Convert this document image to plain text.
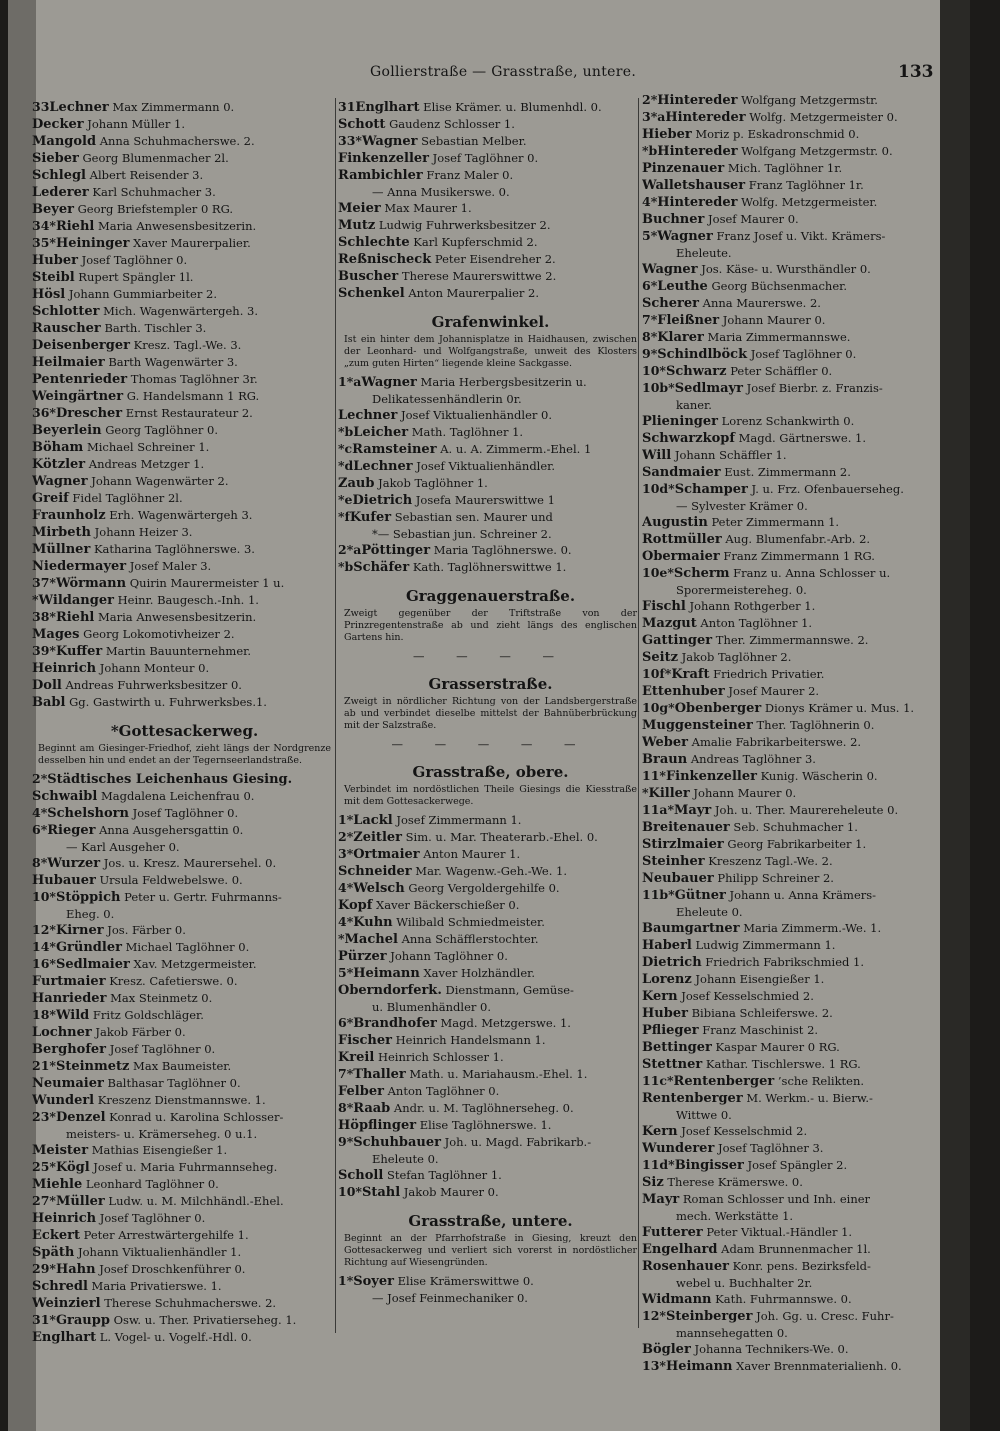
Gollierstraße — Grasstraße, untere.	133
33Lechner Max Zimmermann 0.
Decker Johann Müller 1.
Mangold Anna Schuhmacherswe. 2.
Sieber Georg Blumenmacher 2l.
Schlegl Albert Reisender 3.
Lederer Karl Schuhmacher 3.
Beyer Georg Briefstempler 0 RG.
34*Riehl Maria Anwesensbesitzerin.
35*Heininger Xaver Maurerpalier.
Huber Josef Taglöhner 0.
Steibl Rupert Spängler 1l.
Hösl Johann Gummiarbeiter 2.
Schlotter Mich. Wagenwärtergeh. 3.
Rauscher Barth. Tischler 3.
Deisenberger Kresz. Tagl.-We. 3.
Heilmaier Barth Wagenwärter 3.
Pentenrieder Thomas Taglöhner 3r.
Weingärtner G. Handelsmann 1 RG.
36*Drescher Ernst Restaurateur 2.
Beyerlein Georg Taglöhner 0.
Böham Michael Schreiner 1.
Kötzler Andreas Metzger 1.
Wagner Johann Wagenwärter 2.
Greif Fidel Taglöhner 2l.
Fraunholz Erh. Wagenwärtergeh 3.
Mirbeth Johann Heizer 3.
Müllner Katharina Taglöhnerswe. 3.
Niedermayer Josef Maler 3.
37*Wörmann Quirin Maurermeister 1 u.
*Wildanger Heinr. Baugesch.-Inh. 1.
38*Riehl Maria Anwesensbesitzerin.
Mages Georg Lokomotivheizer 2.
39*Kuffer Martin Bauunternehmer.
Heinrich Johann Monteur 0.
Doll Andreas Fuhrwerksbesitzer 0.
Babl Gg. Gastwirth u. Fuhrwerksbes.1.
*Gottesackerweg.
Beginnt am Giesinger-Friedhof, zieht längs der Nordgrenze desselben hin und endet an der Tegernseerlandstraße.
2*Städtisches Leichenhaus Giesing.
Schwaibl Magdalena Leichenfrau 0.
4*Schelshorn Josef Taglöhner 0.
6*Rieger Anna Ausgehersgattin 0.
— Karl Ausgeher 0.
8*Wurzer Jos. u. Kresz. Maurersehel. 0.
Hubauer Ursula Feldwebelswe. 0.
10*Stöppich Peter u. Gertr. Fuhrmanns-
Eheg. 0.
12*Kirner Jos. Färber 0.
14*Gründler Michael Taglöhner 0.
16*Sedlmaier Xav. Metzgermeister.
Furtmaier Kresz. Cafetierswe. 0.
Hanrieder Max Steinmetz 0.
18*Wild Fritz Goldschläger.
Lochner Jakob Färber 0.
Berghofer Josef Taglöhner 0.
21*Steinmetz Max Baumeister.
Neumaier Balthasar Taglöhner 0.
Wunderl Kreszenz Dienstmannswe. 1.
23*Denzel Konrad u. Karolina Schlosser-
meisters- u. Krämerseheg. 0 u.1.
Meister Mathias Eisengießer 1.
25*Kögl Josef u. Maria Fuhrmannseheg.
Miehle Leonhard Taglöhner 0.
27*Müller Ludw. u. M. Milchhändl.-Ehel.
Heinrich Josef Taglöhner 0.
Eckert Peter Arrestwärtergehilfe 1.
Späth Johann Viktualienhändler 1.
29*Hahn Josef Droschkenführer 0.
Schredl Maria Privatierswe. 1.
Weinzierl Therese Schuhmacherswe. 2.
31*Graupp Osw. u. Ther. Privatierseheg. 1.
Englhart L. Vogel- u. Vogelf.-Hdl. 0.
31Englhart Elise Krämer. u. Blumenhdl. 0.
Schott Gaudenz Schlosser 1.
33*Wagner Sebastian Melber.
Finkenzeller Josef Taglöhner 0.
Rambichler Franz Maler 0.
— Anna Musikerswe. 0.
Meier Max Maurer 1.
Mutz Ludwig Fuhrwerksbesitzer 2.
Schlechte Karl Kupferschmid 2.
Reßnischeck Peter Eisendreher 2.
Buscher Therese Maurerswittwe 2.
Schenkel Anton Maurerpalier 2.
Grafenwinkel.
Ist ein hinter dem Johannisplatze in Haidhausen, zwischen der Leonhard- und Wolfgangstraße, unweit des Klosters „zum guten Hirten“ liegende kleine Sackgasse.
1*aWagner Maria Herbergsbesitzerin u.
Delikatessenhändlerin 0r.
Lechner Josef Viktualienhändler 0.
*bLeicher Math. Taglöhner 1.
*cRamsteiner A. u. A. Zimmerm.-Ehel. 1
*dLechner Josef Viktualienhändler.
Zaub Jakob Taglöhner 1.
*eDietrich Josefa Maurerswittwe 1
*fKufer Sebastian sen. Maurer und
*— Sebastian jun. Schreiner 2.
2*aPöttinger Maria Taglöhnerswe. 0.
*bSchäfer Kath. Taglöhnerswittwe 1.
Graggenauerstraße.
Zweigt gegenüber der Triftstraße von der Prinzregentenstraße ab und zieht längs des englischen Gartens hin.
— — — —
Grasserstraße.
Zweigt in nördlicher Richtung von der Landsbergerstraße ab und verbindet dieselbe mittelst der Bahnüberbrückung mit der Salzstraße.
— — — — —
Grasstraße, obere.
Verbindet im nordöstlichen Theile Giesings die Kiesstraße mit dem Gottesackerwege.
1*Lackl Josef Zimmermann 1.
2*Zeitler Sim. u. Mar. Theaterarb.-Ehel. 0.
3*Ortmaier Anton Maurer 1.
Schneider Mar. Wagenw.-Geh.-We. 1.
4*Welsch Georg Vergoldergehilfe 0.
Kopf Xaver Bäckerschießer 0.
4*Kuhn Wilibald Schmiedmeister.
*Machel Anna Schäfflerstochter.
Pürzer Johann Taglöhner 0.
5*Heimann Xaver Holzhändler.
Oberndorferk. Dienstmann, Gemüse-
u. Blumenhändler 0.
6*Brandhofer Magd. Metzgerswe. 1.
Fischer Heinrich Handelsmann 1.
Kreil Heinrich Schlosser 1.
7*Thaller Math. u. Mariahausm.-Ehel. 1.
Felber Anton Taglöhner 0.
8*Raab Andr. u. M. Taglöhnerseheg. 0.
Höpflinger Elise Taglöhnerswe. 1.
9*Schuhbauer Joh. u. Magd. Fabrikarb.-
Eheleute 0.
Scholl Stefan Taglöhner 1.
10*Stahl Jakob Maurer 0.
Grasstraße, untere.
Beginnt an der Pfarrhofstraße in Giesing, kreuzt den Gottesackerweg und verliert sich vorerst in nordöstlicher Richtung auf Wiesengründen.
1*Soyer Elise Krämerswittwe 0.
— Josef Feinmechaniker 0.
2*Hintereder Wolfgang Metzgermstr.
3*aHintereder Wolfg. Metzgermeister 0.
Hieber Moriz p. Eskadronschmid 0.
*bHintereder Wolfgang Metzgermstr. 0.
Pinzenauer Mich. Taglöhner 1r.
Walletshauser Franz Taglöhner 1r.
4*Hintereder Wolfg. Metzgermeister.
Buchner Josef Maurer 0.
5*Wagner Franz Josef u. Vikt. Krämers-
Eheleute.
Wagner Jos. Käse- u. Wursthändler 0.
6*Leuthe Georg Büchsenmacher.
Scherer Anna Maurerswe. 2.
7*Fleißner Johann Maurer 0.
8*Klarer Maria Zimmermannswe.
9*Schindlböck Josef Taglöhner 0.
10*Schwarz Peter Schäffler 0.
10b*Sedlmayr Josef Bierbr. z. Franzis-
kaner.
Plieninger Lorenz Schankwirth 0.
Schwarzkopf Magd. Gärtnerswe. 1.
Will Johann Schäffler 1.
Sandmaier Eust. Zimmermann 2.
10d*Schamper J. u. Frz. Ofenbauerseheg.
— Sylvester Krämer 0.
Augustin Peter Zimmermann 1.
Rottmüller Aug. Blumenfabr.-Arb. 2.
Obermaier Franz Zimmermann 1 RG.
10e*Scherm Franz u. Anna Schlosser u.
Sporermeistereheg. 0.
Fischl Johann Rothgerber 1.
Mazgut Anton Taglöhner 1.
Gattinger Ther. Zimmermannswe. 2.
Seitz Jakob Taglöhner 2.
10f*Kraft Friedrich Privatier.
Ettenhuber Josef Maurer 2.
10g*Obenberger Dionys Krämer u. Mus. 1.
Muggensteiner Ther. Taglöhnerin 0.
Weber Amalie Fabrikarbeiterswe. 2.
Braun Andreas Taglöhner 3.
11*Finkenzeller Kunig. Wäscherin 0.
*Killer Johann Maurer 0.
11a*Mayr Joh. u. Ther. Maurereheleute 0.
Breitenauer Seb. Schuhmacher 1.
Stirzlmaier Georg Fabrikarbeiter 1.
Steinher Kreszenz Tagl.-We. 2.
Neubauer Philipp Schreiner 2.
11b*Gütner Johann u. Anna Krämers-
Eheleute 0.
Baumgartner Maria Zimmerm.-We. 1.
Haberl Ludwig Zimmermann 1.
Dietrich Friedrich Fabrikschmied 1.
Lorenz Johann Eisengießer 1.
Kern Josef Kesselschmied 2.
Huber Bibiana Schleiferswe. 2.
Pflieger Franz Maschinist 2.
Bettinger Kaspar Maurer 0 RG.
Stettner Kathar. Tischlerswe. 1 RG.
11c*Rentenberger ’sche Relikten.
Rentenberger M. Werkm.- u. Bierw.-
Wittwe 0.
Kern Josef Kesselschmid 2.
Wunderer Josef Taglöhner 3.
11d*Bingisser Josef Spängler 2.
Siz Therese Krämerswe. 0.
Mayr Roman Schlosser und Inh. einer
mech. Werkstätte 1.
Futterer Peter Viktual.-Händler 1.
Engelhard Adam Brunnenmacher 1l.
Rosenhauer Konr. pens. Bezirksfeld-
webel u. Buchhalter 2r.
Widmann Kath. Fuhrmannswe. 0.
12*Steinberger Joh. Gg. u. Cresc. Fuhr-
mannsehegatten 0.
Bögler Johanna Technikers-We. 0.
13*Heimann Xaver Brennmaterialienh. 0.
